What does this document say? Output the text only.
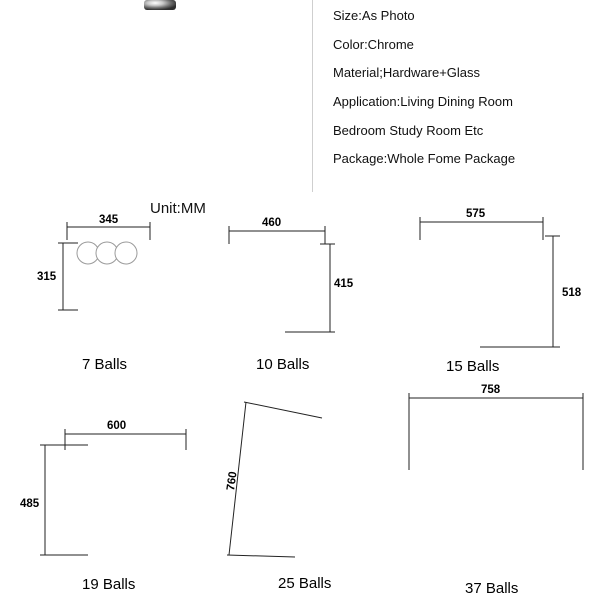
Size:As Photo
Color:Chrome
Material;Hardware+Glass
Application:Living Dining Room
Bedroom Study Room Etc
Package:Whole Fome Package
Unit:MM
345
315
7 Balls
460
415
10 Balls
575
518
15 Balls
600
485
19 Balls
760
25 Balls
758
37 Balls
